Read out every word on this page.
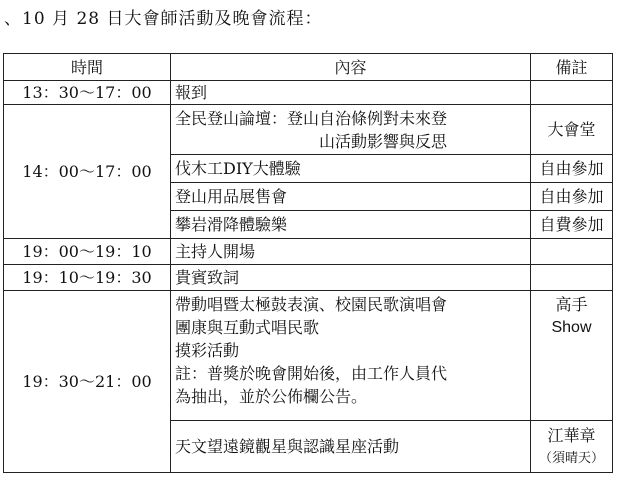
、10 月 28 日大會師活動及晚會流程：
時間	內容	備註
13：30～17：00	報到	
14：00～17：00	全民登山論壇：登山自治條例對未來登
山活動影響與反思	大會堂
	伐木工DIY大體驗	自由參加
	登山用品展售會	自由參加
	攀岩滑降體驗樂	自費參加
19：00～19：10	主持人開場	
19：10～19：30	貴賓致詞	
19：30～21：00	帶動唱暨太極鼓表演、校園民歌演唱會
團康與互動式唱民歌
摸彩活動
註：普獎於晚會開始後，由工作人員代
為抽出，並於公佈欄公告。	高手
Show

	天文望遠鏡觀星與認識星座活動	江華章
（須晴天）
